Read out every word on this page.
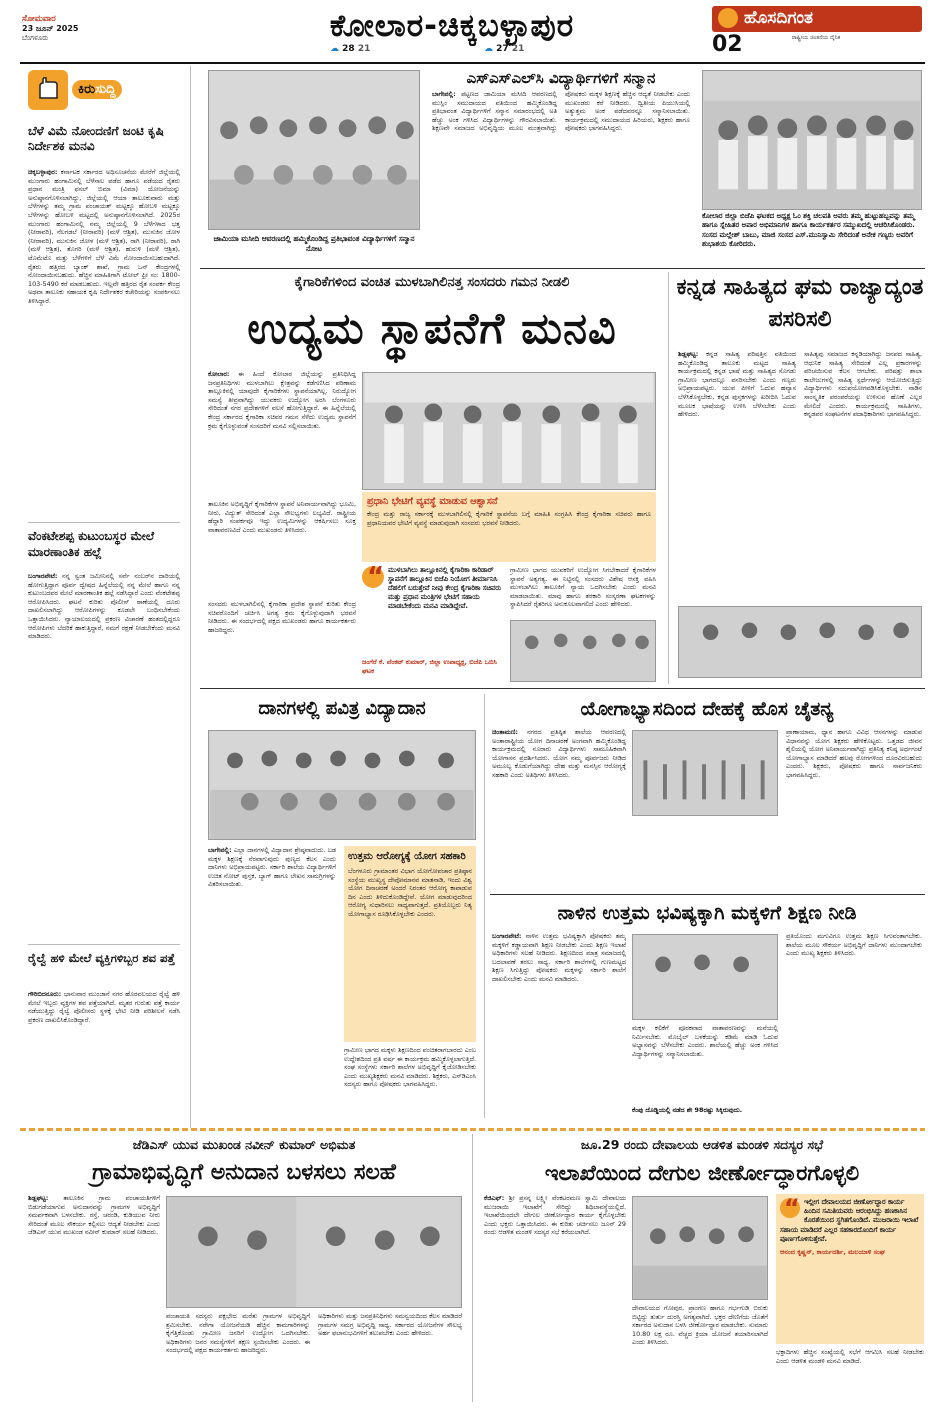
ಸೋಮವಾರ
23 ಜೂನ್ 2025
ಬೆಂಗಳೂರು	ಕೋಲಾರ-ಚಿಕ್ಕಬಳ್ಳಾಪುರ
☁ 28 21	☁ 27 21
ಹೊಸದಿಗಂತ
ರಾಷ್ಟ್ರೀಯ ಚಿಂತನೆಯ ದೈನಿಕ
02
ಕಿರುಸುದ್ದಿ
ಬೆಳೆ ವಿಮೆ ನೋಂದಣಿಗೆ ಜಂಟಿ ಕೃಷಿ ನಿರ್ದೇಶಕ ಮನವಿ
ಚಿಕ್ಕಬಳ್ಳಾಪುರ: ಕರ್ನಾಟಕ ಸರ್ಕಾರದ ಅಧಿಸೂಚನೆಯ ಮೇರೆಗೆ ಜಿಲ್ಲೆಯಲ್ಲಿ ಮುಂಗಾರು ಹಂಗಾಮಿನಲ್ಲಿ ಬೆಳೆಸಾಲ ಪಡೆದ ಹಾಗೂ ಪಡೆಯದ ರೈತರು ಪ್ರಧಾನ ಮಂತ್ರಿ ಫಸಲ್ ಬಿಮಾ (ವಿಮಾ) ಯೋಜನೆಯನ್ನು ಅನುಷ್ಠಾನಗೊಳಿಸಲಾಗಿದ್ದು, ಜಿಲ್ಲೆಯಲ್ಲಿ ಆಯಾ ತಾಲೂಕುವಾರು ಮತ್ತು ಬೆಳೆಗಳನ್ನು ತಮ್ಮ ಗ್ರಾಮ ಪಂಚಾಯತ್ ಮಟ್ಟಕ್ಕೂ ಹೋಬಳಿ ಮಟ್ಟಕ್ಕೂ ಬೆಳೆಗಳನ್ನು ಹೋಬಳಿ ಮಟ್ಟದಲ್ಲಿ ಅನುಷ್ಠಾನಗೊಳಿಸಲಾಗಿದೆ. 2025ರ ಮುಂಗಾರು ಹಂಗಾಮಿನಲ್ಲಿ ನಮ್ಮ ಜಿಲ್ಲೆಯಲ್ಲಿ 9 ಬೆಳೆಗಳಾದ ಭತ್ತ (ನೀರಾವರಿ), ನೆಲಗಡಲೆ (ನೀರಾವರಿ) (ಮಳೆ ಆಶ್ರಿತ), ಮುಸುಕಿನ ಜೋಳ (ನೀರಾವರಿ), ಮುಸುಕಿನ ಜೋಳ (ಮಳೆ ಆಶ್ರಿತ), ರಾಗಿ (ನೀರಾವರಿ), ರಾಗಿ (ಮಳೆ ಆಶ್ರಿತ), ತೊಗರಿ (ಮಳೆ ಆಶ್ರಿತ), ಹುರುಳಿ (ಮಳೆ ಆಶ್ರಿತ), ಟೊಮೆಟೊ ಮತ್ತು ಬೆಳೆಗಳಿಗೆ ಬೆಳೆ ವಿಮೆ ನೋಂದಾಯಿಸಬಹುದಾಗಿದೆ. ರೈತರು ಹತ್ತಿರದ ಬ್ಯಾಂಕ್ ಶಾಖೆ, ಗ್ರಾಮ ಒನ್ ಕೇಂದ್ರಗಳಲ್ಲಿ ನೋಂದಾಯಿಸಬಹುದು. ಹೆಚ್ಚಿನ ಮಾಹಿತಿಗಾಗಿ ಟೋಲ್ ಫ್ರೀ ಸಂ: 1800-103-5490 ಕರೆ ಮಾಡಬಹುದು. ಇಲ್ಲವೇ ಹತ್ತಿರದ ರೈತ ಸಂಪರ್ಕ ಕೇಂದ್ರ ಅಥವಾ ತಾಲೂಕು ಸಹಾಯಕ ಕೃಷಿ ನಿರ್ದೇಶಕರ ಕಚೇರಿಯನ್ನು ಸಂಪರ್ಕಿಸಲು ತಿಳಿಸಿದ್ದಾರೆ.
ವೆಂಕಟೇಶಪ್ಪ ಕುಟುಂಬಸ್ಥರ ಮೇಲೆ ಮಾರಣಾಂತಿಕ ಹಲ್ಲೆ
ಬಂಗಾರಪೇಟೆ: ನನ್ನ ಸ್ವಂತ ಜಮೀನಿನಲ್ಲಿ ಸರ್ವೆ ನಂಬರ್‌ನ ದಾರಿಯಲ್ಲಿ ಹೋಗುತ್ತಿದ್ದಾಗ ಪೂರ್ವ ದ್ವೇಷದ ಹಿನ್ನೆಲೆಯಲ್ಲಿ ನನ್ನ ಮೇಲೆ ಹಾಗೂ ನನ್ನ ಕುಟುಂಬದವರ ಮೇಲೆ ಮಾರಣಾಂತಿಕ ಹಲ್ಲೆ ನಡೆಸಿದ್ದಾರೆ ಎಂದು ವೆಂಕಟೇಶಪ್ಪ ಆರೋಪಿಸಿದರು. ಘಟನೆ ಕುರಿತು ಪೊಲೀಸ್ ಠಾಣೆಯಲ್ಲಿ ದೂರು ದಾಖಲಿಸಲಾಗಿದ್ದು ಆರೋಪಿಗಳನ್ನು ಕೂಡಲೇ ಬಂಧಿಸಬೇಕೆಂದು ಒತ್ತಾಯಿಸಿದರು. ನ್ಯಾಯಾಲಯದಲ್ಲಿ ಪ್ರಕರಣ ವಿಚಾರಣೆ ಹಂತದಲ್ಲಿದ್ದರೂ ಆರೋಪಿಗಳು ಬೆದರಿಕೆ ಹಾಕುತ್ತಿದ್ದಾರೆ, ನಮಗೆ ರಕ್ಷಣೆ ನೀಡಬೇಕೆಂದು ಮನವಿ ಮಾಡಿದರು.
ರೈಲ್ವೆ ಹಳಿ ಮೇಲೆ ವ್ಯಕ್ತಿಗಳಿಬ್ಬರ ಶವ ಪತ್ತೆ
ಗೌರಿಬಿದನೂರು: ಭಾನುವಾರ ಮುಂಜಾನೆ ನಗರ ಹೊರವಲಯದ ರೈಲ್ವೆ ಹಳಿ ಮೇಲೆ ಇಬ್ಬರು ವ್ಯಕ್ತಿಗಳ ಶವ ಪತ್ತೆಯಾಗಿದೆ. ಮೃತರ ಗುರುತು ಪತ್ತೆ ಕಾರ್ಯ ನಡೆಯುತ್ತಿದ್ದು ರೈಲ್ವೆ ಪೊಲೀಸರು ಸ್ಥಳಕ್ಕೆ ಭೇಟಿ ನೀಡಿ ಪರಿಶೀಲನೆ ನಡೆಸಿ ಪ್ರಕರಣ ದಾಖಲಿಸಿಕೊಂಡಿದ್ದಾರೆ.
ಜಾಮಿಯಾ ಮಸೀದಿ ಆವರಣದಲ್ಲಿ ಹಮ್ಮಿಕೊಂಡಿದ್ದ ಪ್ರತಿಭಾವಂತ ವಿದ್ಯಾರ್ಥಿಗಳಿಗೆ ಸನ್ಮಾನ ನೋಟ
ಎಸ್ಎಸ್ಎಲ್‌ಸಿ ವಿದ್ಯಾರ್ಥಿಗಳಿಗೆ ಸನ್ಮಾನ
ಬಾಗೇಪಲ್ಲಿ: ಪಟ್ಟಣದ ಜಾಮಿಯಾ ಮಸೀದಿ ಆವರಣದಲ್ಲಿ ಮುಸ್ಲಿಂ ಸಮುದಾಯದ ವತಿಯಿಂದ ಹಮ್ಮಿಕೊಂಡಿದ್ದ ಪ್ರತಿಭಾವಂತ ವಿದ್ಯಾರ್ಥಿಗಳಿಗೆ ಸನ್ಮಾನ ಸಮಾರಂಭದಲ್ಲಿ ಅತಿ ಹೆಚ್ಚು ಅಂಕ ಗಳಿಸಿದ ವಿದ್ಯಾರ್ಥಿಗಳನ್ನು ಗೌರವಿಸಲಾಯಿತು. ಶಿಕ್ಷಣವೇ ಸಮಾಜದ ಅಭಿವೃದ್ಧಿಯ ಮೂಲ ಮಂತ್ರವಾಗಿದ್ದು ಪೋಷಕರು ಮಕ್ಕಳ ಶಿಕ್ಷಣಕ್ಕೆ ಹೆಚ್ಚಿನ ಆದ್ಯತೆ ನೀಡಬೇಕು ಎಂದು ಮುಖಂಡರು ಕರೆ ನೀಡಿದರು. ದ್ವಿತೀಯ ಪಿಯುಸಿಯಲ್ಲಿ ಅತ್ಯುತ್ತಮ ಅಂಕ ಪಡೆದವರನ್ನೂ ಸನ್ಮಾನಿಸಲಾಯಿತು. ಕಾರ್ಯಕ್ರಮದಲ್ಲಿ ಸಮುದಾಯದ ಹಿರಿಯರು, ಶಿಕ್ಷಕರು ಹಾಗೂ ಪೋಷಕರು ಭಾಗವಹಿಸಿದ್ದರು.
ಕೋಲಾರ ಜಿಲ್ಲಾ ಬಿಜೆಪಿ ಘಟಕದ ಅಧ್ಯಕ್ಷ ಓಂ ಶಕ್ತಿ ಚಲಪತಿ ಅವರು ತಮ್ಮ ಹುಟ್ಟುಹಬ್ಬವನ್ನು ತಮ್ಮ ಹಾಗೂ ಸ್ನೇಹಿತರ ಅಪಾರ ಅಭಿಮಾನಿಗಳ ಹಾಗೂ ಕಾರ್ಯಕರ್ತರ ಸಮ್ಮುಖದಲ್ಲಿ ಆಚರಿಸಿಕೊಂಡರು. ಸಂಸದ ಮಲ್ಲೇಶ್ ಬಾಬು, ಮಾಜಿ ಸಂಸದ ಎಸ್.ಮುನಿಸ್ವಾಮಿ ಸೇರಿದಂತೆ ಅನೇಕ ಗಣ್ಯರು ಅವರಿಗೆ ಶುಭಾಶಯ ಕೋರಿದರು.
ಕೈಗಾರಿಕೆಗಳಿಂದ ವಂಚಿತ ಮುಳಬಾಗಿಲಿನತ್ತ ಸಂಸದರು ಗಮನ ನೀಡಲಿ
ಉದ್ಯಮ ಸ್ಥಾಪನೆಗೆ ಮನವಿ
ಕೋಲಾರ: ಈ ಹಿಂದೆ ಕೋಲಾರ ಜಿಲ್ಲೆಯನ್ನು ಪ್ರತಿನಿಧಿಸಿದ್ದ ಜನಪ್ರತಿನಿಧಿಗಳು ಮುಳಬಾಗಿಲು ಕ್ಷೇತ್ರವನ್ನು ಕಡೆಗಣಿಸಿದ ಪರಿಣಾಮ ತಾಲ್ಲೂಕಿನಲ್ಲಿ ಯಾವುದೇ ಕೈಗಾರಿಕೆಗಳು ಸ್ಥಾಪನೆಯಾಗಿಲ್ಲ. ನಿರುದ್ಯೋಗ ಸಮಸ್ಯೆ ತೀವ್ರವಾಗಿದ್ದು ಯುವಕರು ಉದ್ಯೋಗ ಅರಸಿ ಬೆಂಗಳೂರು ಸೇರಿದಂತೆ ನಗರ ಪ್ರದೇಶಗಳಿಗೆ ವಲಸೆ ಹೋಗುತ್ತಿದ್ದಾರೆ. ಈ ಹಿನ್ನೆಲೆಯಲ್ಲಿ ಕೇಂದ್ರ ಸರ್ಕಾರದ ಕೈಗಾರಿಕಾ ಸಚಿವರ ಗಮನ ಸೆಳೆದು ಉದ್ಯಮ ಸ್ಥಾಪನೆಗೆ ಕ್ರಮ ಕೈಗೊಳ್ಳುವಂತೆ ಸಂಸದರಿಗೆ ಮನವಿ ಸಲ್ಲಿಸಲಾಯಿತು.
ಪ್ರಧಾನಿ ಭೇಟಿಗೆ ವ್ಯವಸ್ಥೆ ಮಾಡುವ ಆಶ್ವಾಸನೆ
ಕೇಂದ್ರ ಮತ್ತು ರಾಜ್ಯ ಸರ್ಕಾರಕ್ಕೆ ಮುಳಬಾಗಿಲಿನಲ್ಲಿ ಕೈಗಾರಿಕೆ ಸ್ಥಾಪನೆಯ ಬಗ್ಗೆ ಮಾಹಿತಿ ಸಂಗ್ರಹಿಸಿ ಕೇಂದ್ರ ಕೈಗಾರಿಕಾ ಸಚಿವರು ಹಾಗೂ ಪ್ರಧಾನಿಯವರ ಭೇಟಿಗೆ ವ್ಯವಸ್ಥೆ ಮಾಡುವುದಾಗಿ ಸಂಸದರು ಭರವಸೆ ನೀಡಿದರು.
“ ಮುಳಬಾಗಿಲು ತಾಲ್ಲೂಕಿನಲ್ಲಿ ಕೈಗಾರಿಕಾ ಕಾರಿಡಾರ್ ಸ್ಥಾಪನೆಗೆ ತಾಲ್ಲೂಕಿನ ಬಿಜೆಪಿ ನಿಯೋಗ ತೀರ್ಮಾನಿಸಿ ದೆಹಲಿಗೆ ಬರುತ್ತೇವೆ ನೀವು ಕೇಂದ್ರ ಕೈಗಾರಿಕಾ ಸಚಿವರು ಮತ್ತು ಪ್ರಧಾನ ಮಂತ್ರಿಗಳ ಭೇಟಿಗೆ ಸಹಾಯ ಮಾಡಬೇಕೆಂದು ಮನವಿ ಮಾಡಿದ್ದೇವೆ.
ಜಂಗೆರೆ ಕೆ. ವೆಂಕಟ್ ಕುಮಾರ್, ಜಿಲ್ಲಾ ಉಪಾಧ್ಯಕ್ಷ, ಬಿಜೆಪಿ ಒಬಿಸಿ ಘಟಕ
ಗ್ರಾಮೀಣ ಭಾಗದ ಯುವಕರಿಗೆ ಉದ್ಯೋಗ ಸಿಗಬೇಕಾದರೆ ಕೈಗಾರಿಕೆಗಳ ಸ್ಥಾಪನೆ ಅತ್ಯಗತ್ಯ. ಈ ನಿಟ್ಟಿನಲ್ಲಿ ಸಂಸದರು ವಿಶೇಷ ಆಸಕ್ತಿ ವಹಿಸಿ ಮುಳಬಾಗಿಲು ತಾಲೂಕಿಗೆ ನ್ಯಾಯ ಒದಗಿಸಬೇಕು ಎಂದು ಮನವಿ ಮಾಡಲಾಯಿತು. ಮಾವು ಹಾಗೂ ತರಕಾರಿ ಸಂಸ್ಕರಣಾ ಘಟಕಗಳನ್ನು ಸ್ಥಾಪಿಸಿದರೆ ರೈತರಿಗೂ ಅನುಕೂಲವಾಗಲಿದೆ ಎಂದು ಹೇಳಿದರು.
ಸಂಸದರು ಮುಳಬಾಗಿಲಿನಲ್ಲಿ ಕೈಗಾರಿಕಾ ಪ್ರದೇಶ ಸ್ಥಾಪನೆ ಕುರಿತು ಕೇಂದ್ರ ಸಚಿವರೊಂದಿಗೆ ಚರ್ಚಿಸಿ ಅಗತ್ಯ ಕ್ರಮ ಕೈಗೊಳ್ಳುವುದಾಗಿ ಭರವಸೆ ನೀಡಿದರು. ಈ ಸಂದರ್ಭದಲ್ಲಿ ಪಕ್ಷದ ಮುಖಂಡರು ಹಾಗೂ ಕಾರ್ಯಕರ್ತರು ಹಾಜರಿದ್ದರು.
ತಾಲೂಕಿನ ಅಭಿವೃದ್ಧಿಗೆ ಕೈಗಾರಿಕೆಗಳ ಸ್ಥಾಪನೆ ಅನಿವಾರ್ಯವಾಗಿದ್ದು ಭೂಮಿ, ನೀರು, ವಿದ್ಯುತ್ ಸೇರಿದಂತೆ ಎಲ್ಲಾ ಸೌಲಭ್ಯಗಳು ಲಭ್ಯವಿದೆ. ರಾಷ್ಟ್ರೀಯ ಹೆದ್ದಾರಿ ಸಂಪರ್ಕವೂ ಇದ್ದು ಉದ್ಯಮಿಗಳನ್ನು ಆಕರ್ಷಿಸಲು ಸೂಕ್ತ ವಾತಾವರಣವಿದೆ ಎಂದು ಮುಖಂಡರು ತಿಳಿಸಿದರು.
ಕನ್ನಡ ಸಾಹಿತ್ಯದ ಘಮ ರಾಜ್ಯಾದ್ಯಂತ ಪಸರಿಸಲಿ
ಶಿಡ್ಲಘಟ್ಟ: ಕನ್ನಡ ಸಾಹಿತ್ಯ ಪರಿಷತ್ತಿನ ವತಿಯಿಂದ ಹಮ್ಮಿಕೊಂಡಿದ್ದ ತಾಲೂಕು ಮಟ್ಟದ ಸಾಹಿತ್ಯ ಕಾರ್ಯಕ್ರಮದಲ್ಲಿ ಕನ್ನಡ ಭಾಷೆ ಮತ್ತು ಸಾಹಿತ್ಯದ ಸೊಗಡು ಗ್ರಾಮೀಣ ಭಾಗದಲ್ಲೂ ಪಸರಿಸಬೇಕು ಎಂದು ಗಣ್ಯರು ಅಭಿಪ್ರಾಯಪಟ್ಟರು. ಯುವ ಪೀಳಿಗೆ ಓದುವ ಹವ್ಯಾಸ ಬೆಳೆಸಿಕೊಳ್ಳಬೇಕು, ಕನ್ನಡ ಪುಸ್ತಕಗಳನ್ನು ಖರೀದಿಸಿ ಓದುವ ಮೂಲಕ ಭಾಷೆಯನ್ನು ಉಳಿಸಿ ಬೆಳೆಸಬೇಕು ಎಂದು ಹೇಳಿದರು.
ಸಾಹಿತ್ಯವು ಸಮಾಜದ ಕನ್ನಡಿಯಾಗಿದ್ದು ಜನಪದ ಸಾಹಿತ್ಯ, ಆಧುನಿಕ ಸಾಹಿತ್ಯ ಸೇರಿದಂತೆ ಎಲ್ಲ ಪ್ರಕಾರಗಳನ್ನು ಪರಿಚಯಿಸುವ ಕೆಲಸ ಆಗಬೇಕು. ಪರಿಷತ್ತು ಶಾಲಾ ಕಾಲೇಜುಗಳಲ್ಲಿ ಸಾಹಿತ್ಯ ಸ್ಪರ್ಧೆಗಳನ್ನು ಆಯೋಜಿಸುತ್ತಿದ್ದು ವಿದ್ಯಾರ್ಥಿಗಳು ಸದುಪಯೋಗಪಡಿಸಿಕೊಳ್ಳಬೇಕು. ನಾಡಿನ ಸಾಂಸ್ಕೃತಿಕ ಪರಂಪರೆಯನ್ನು ಉಳಿಸುವ ಹೊಣೆ ಎಲ್ಲರ ಮೇಲಿದೆ ಎಂದರು. ಕಾರ್ಯಕ್ರಮದಲ್ಲಿ ಸಾಹಿತಿಗಳು, ಕನ್ನಡಪರ ಸಂಘಟನೆಗಳ ಪದಾಧಿಕಾರಿಗಳು ಭಾಗವಹಿಸಿದ್ದರು.
ದಾನಗಳಲ್ಲಿ ಪವಿತ್ರ ವಿದ್ಯಾದಾನ
ಬಾಗೇಪಲ್ಲಿ: ಎಲ್ಲಾ ದಾನಗಳಲ್ಲಿ ವಿದ್ಯಾದಾನ ಶ್ರೇಷ್ಠವಾದುದು. ಬಡ ಮಕ್ಕಳ ಶಿಕ್ಷಣಕ್ಕೆ ನೆರವಾಗುವುದು ಪುಣ್ಯದ ಕೆಲಸ ಎಂದು ದಾನಿಗಳು ಅಭಿಪ್ರಾಯಪಟ್ಟರು. ಸರ್ಕಾರಿ ಶಾಲೆಯ ವಿದ್ಯಾರ್ಥಿಗಳಿಗೆ ಉಚಿತ ನೋಟ್ ಪುಸ್ತಕ, ಬ್ಯಾಗ್ ಹಾಗೂ ಲೇಖನ ಸಾಮಗ್ರಿಗಳನ್ನು ವಿತರಿಸಲಾಯಿತು.
ಉತ್ತಮ ಆರೋಗ್ಯಕ್ಕೆ ಯೋಗ ಸಹಕಾರಿ
ಬೆಂಗಳೂರು ಗ್ರಾಮಾಂತರ ವಿಭಾಗ ಯೋಗೋಪಚಾರ ಪ್ರತಿಷ್ಠಾನ ಸಂಸ್ಥೆಯ ಮುಖ್ಯಸ್ಥ ದೇವೋಮಾನವ ಮಾತನಾಡಿ, ಇಂದು ವಿಶ್ವ ಯೋಗ ದಿನಾಚರಣೆ ಅಂದರೆ ನಿರಂತರ ಆರೋಗ್ಯ ಕಾಪಾಡುವ ದಿನ ಎಂದು ತಿಳಿದುಕೊಂಡಿದ್ದೇವೆ. ಯೋಗ ಮಾಡುವುದರಿಂದ ಆರೋಗ್ಯ ಸುಧಾರಿಸಲು ಸಾಧ್ಯವಾಗುತ್ತದೆ. ಪ್ರತಿಯೊಬ್ಬರು ನಿತ್ಯ ಯೋಗಾಭ್ಯಾಸ ರೂಢಿಸಿಕೊಳ್ಳಬೇಕು ಎಂದರು.
ಗ್ರಾಮೀಣ ಭಾಗದ ಮಕ್ಕಳು ಶಿಕ್ಷಣದಿಂದ ವಂಚಿತರಾಗಬಾರದು ಎಂಬ ಉದ್ದೇಶದಿಂದ ಪ್ರತಿ ವರ್ಷ ಈ ಕಾರ್ಯಕ್ರಮ ಹಮ್ಮಿಕೊಳ್ಳಲಾಗುತ್ತಿದೆ. ಸಂಘ ಸಂಸ್ಥೆಗಳು ಸರ್ಕಾರಿ ಶಾಲೆಗಳ ಅಭಿವೃದ್ಧಿಗೆ ಕೈಜೋಡಿಸಬೇಕು ಎಂದು ಮುಖ್ಯಶಿಕ್ಷಕರು ಮನವಿ ಮಾಡಿದರು. ಶಿಕ್ಷಕರು, ಎಸ್‌ಡಿಎಂಸಿ ಸದಸ್ಯರು ಹಾಗೂ ಪೋಷಕರು ಭಾಗವಹಿಸಿದ್ದರು.
ಯೋಗಾಭ್ಯಾಸದಿಂದ ದೇಹಕ್ಕೆ ಹೊಸ ಚೈತನ್ಯ
ಚಿಂತಾಮಣಿ: ನಗರದ ಪ್ರತಿಷ್ಠಿತ ಶಾಲೆಯ ಆವರಣದಲ್ಲಿ ಅಂತಾರಾಷ್ಟ್ರೀಯ ಯೋಗ ದಿನಾಚರಣೆ ಅಂಗವಾಗಿ ಹಮ್ಮಿಕೊಂಡಿದ್ದ ಕಾರ್ಯಕ್ರಮದಲ್ಲಿ ನೂರಾರು ವಿದ್ಯಾರ್ಥಿಗಳು ಸಾಮೂಹಿಕವಾಗಿ ಯೋಗಾಸನ ಪ್ರದರ್ಶಿಸಿದರು. ಯೋಗ ನಮ್ಮ ಪೂರ್ವಜರು ನೀಡಿದ ಅಮೂಲ್ಯ ಕೊಡುಗೆಯಾಗಿದ್ದು ದೇಹ ಮತ್ತು ಮನಸ್ಸಿನ ಆರೋಗ್ಯಕ್ಕೆ ಸಹಕಾರಿ ಎಂದು ಅತಿಥಿಗಳು ತಿಳಿಸಿದರು.
ಪ್ರಾಣಾಯಾಮ, ಧ್ಯಾನ ಹಾಗೂ ವಿವಿಧ ಆಸನಗಳನ್ನು ಮಾಡುವ ವಿಧಾನವನ್ನು ಯೋಗ ಶಿಕ್ಷಕರು ಹೇಳಿಕೊಟ್ಟರು. ಒತ್ತಡದ ಜೀವನ ಶೈಲಿಯಲ್ಲಿ ಯೋಗ ಅನಿವಾರ್ಯವಾಗಿದ್ದು ಪ್ರತಿನಿತ್ಯ ಕನಿಷ್ಠ ಅರ್ಧಗಂಟೆ ಯೋಗಾಭ್ಯಾಸ ಮಾಡಿದರೆ ಹಲವು ರೋಗಗಳಿಂದ ದೂರವಿರಬಹುದು ಎಂದರು. ಶಿಕ್ಷಕರು, ಪೋಷಕರು ಹಾಗೂ ಸಾರ್ವಜನಿಕರು ಭಾಗವಹಿಸಿದ್ದರು.
ನಾಳಿನ ಉತ್ತಮ ಭವಿಷ್ಯಕ್ಕಾಗಿ ಮಕ್ಕಳಿಗೆ ಶಿಕ್ಷಣ ನೀಡಿ
ಬಂಗಾರಪೇಟೆ: ನಾಳಿನ ಉತ್ತಮ ಭವಿಷ್ಯಕ್ಕಾಗಿ ಪೋಷಕರು ತಮ್ಮ ಮಕ್ಕಳಿಗೆ ಕಡ್ಡಾಯವಾಗಿ ಶಿಕ್ಷಣ ನೀಡಬೇಕು ಎಂದು ಶಿಕ್ಷಣ ಇಲಾಖೆ ಅಧಿಕಾರಿಗಳು ಸಲಹೆ ನೀಡಿದರು. ಶಿಕ್ಷಣದಿಂದ ಮಾತ್ರ ಸಮಾಜದಲ್ಲಿ ಬದಲಾವಣೆ ತರಲು ಸಾಧ್ಯ. ಸರ್ಕಾರಿ ಶಾಲೆಗಳಲ್ಲಿ ಗುಣಮಟ್ಟದ ಶಿಕ್ಷಣ ಸಿಗುತ್ತಿದ್ದು ಪೋಷಕರು ಮಕ್ಕಳನ್ನು ಸರ್ಕಾರಿ ಶಾಲೆಗೆ ದಾಖಲಿಸಬೇಕು ಎಂದು ಮನವಿ ಮಾಡಿದರು.
ಮಕ್ಕಳ ಕಲಿಕೆಗೆ ಪೂರಕವಾದ ವಾತಾವರಣವನ್ನು ಮನೆಯಲ್ಲಿ ನಿರ್ಮಿಸಬೇಕು. ಮೊಬೈಲ್ ಬಳಕೆಯನ್ನು ಕಡಿಮೆ ಮಾಡಿ ಓದುವ ಅಭ್ಯಾಸವನ್ನು ಬೆಳೆಸಬೇಕು ಎಂದರು. ಶಾಲೆಯಲ್ಲಿ ಹೆಚ್ಚು ಅಂಕ ಗಳಿಸಿದ ವಿದ್ಯಾರ್ಥಿಗಳನ್ನು ಸನ್ಮಾನಿಸಲಾಯಿತು.
ಕೆಂಪು ದೊಡ್ಡಿಯಲ್ಲಿ ನಡೆದ ಶೇ 98ರಷ್ಟು ಸಿಕ್ಕಿರುವುದು.
ಪ್ರತಿಯೊಂದು ಮಗುವಿಗೂ ಉತ್ತಮ ಶಿಕ್ಷಣ ಸಿಗುವಂತಾಗಬೇಕು. ಶಾಲೆಯ ಮೂಲ ಸೌಕರ್ಯ ಅಭಿವೃದ್ಧಿಗೆ ದಾನಿಗಳು ಮುಂದಾಗಬೇಕು ಎಂದು ಮುಖ್ಯ ಶಿಕ್ಷಕರು ತಿಳಿಸಿದರು.
ಜೆಡಿಎಸ್ ಯುವ ಮುಖಂಡ ನವೀನ್ ಕುಮಾರ್ ಅಭಿಮತ
ಗ್ರಾಮಾಭಿವೃದ್ಧಿಗೆ ಅನುದಾನ ಬಳಸಲು ಸಲಹೆ
ಶಿಡ್ಲಘಟ್ಟ: ತಾಲೂಕಿನ ಗ್ರಾಮ ಪಂಚಾಯತಿಗಳಿಗೆ ಬಿಡುಗಡೆಯಾಗುವ ಅನುದಾನವನ್ನು ಗ್ರಾಮಗಳ ಅಭಿವೃದ್ಧಿಗೆ ಸಮರ್ಪಕವಾಗಿ ಬಳಸಬೇಕು. ರಸ್ತೆ, ಚರಂಡಿ, ಕುಡಿಯುವ ನೀರು ಸೇರಿದಂತೆ ಮೂಲ ಸೌಕರ್ಯ ಕಲ್ಪಿಸಲು ಆದ್ಯತೆ ನೀಡಬೇಕು ಎಂದು ಜೆಡಿಎಸ್ ಯುವ ಮುಖಂಡ ನವೀನ್ ಕುಮಾರ್ ಸಲಹೆ ನೀಡಿದರು.
ಪಂಚಾಯತಿ ಸದಸ್ಯರು ಪಕ್ಷಭೇದ ಮರೆತು ಗ್ರಾಮಗಳ ಅಭಿವೃದ್ಧಿಗೆ ಶ್ರಮಿಸಬೇಕು. ನರೇಗಾ ಯೋಜನೆಯಡಿ ಹೆಚ್ಚಿನ ಕಾಮಗಾರಿಗಳನ್ನು ಕೈಗೆತ್ತಿಕೊಂಡು ಗ್ರಾಮೀಣ ಜನರಿಗೆ ಉದ್ಯೋಗ ಒದಗಿಸಬೇಕು. ಅಧಿಕಾರಿಗಳು ಜನರ ಸಮಸ್ಯೆಗಳಿಗೆ ತಕ್ಷಣ ಸ್ಪಂದಿಸಬೇಕು ಎಂದರು. ಈ ಸಂದರ್ಭದಲ್ಲಿ ಪಕ್ಷದ ಕಾರ್ಯಕರ್ತರು ಹಾಜರಿದ್ದರು.
ಅಧಿಕಾರಿಗಳು ಮತ್ತು ಜನಪ್ರತಿನಿಧಿಗಳು ಸಮನ್ವಯದಿಂದ ಕೆಲಸ ಮಾಡಿದರೆ ಗ್ರಾಮಗಳ ಸಮಗ್ರ ಅಭಿವೃದ್ಧಿ ಸಾಧ್ಯ. ಸರ್ಕಾರದ ಯೋಜನೆಗಳ ಸೌಲಭ್ಯ ಅರ್ಹ ಫಲಾನುಭವಿಗಳಿಗೆ ತಲುಪಬೇಕು ಎಂದು ಹೇಳಿದರು.
ಜೂ.29 ರಂದು ದೇವಾಲಯ ಆಡಳಿತ ಮಂಡಳಿ ಸದಸ್ಯರ ಸಭೆ
ಇಲಾಖೆಯಿಂದ ದೇಗುಲ ಜೀರ್ಣೋದ್ಧಾರಗೊಳ್ಳಲಿ
ಕೆಜಿಎಫ್: ಶ್ರೀ ಪ್ರಸನ್ನ ಲಕ್ಷ್ಮೀ ವೆಂಕಟರಮಣ ಸ್ವಾಮಿ ದೇವಾಲಯ ಮುಜರಾಯಿ ಇಲಾಖೆಗೆ ಸೇರಿದ್ದು ಶಿಥಿಲಾವಸ್ಥೆಯಲ್ಲಿದೆ. ಇಲಾಖೆಯಿಂದಲೇ ದೇಗುಲ ಜೀರ್ಣೋದ್ಧಾರ ಕಾರ್ಯ ಕೈಗೊಳ್ಳಬೇಕು ಎಂದು ಭಕ್ತರು ಒತ್ತಾಯಿಸಿದರು. ಈ ಕುರಿತು ಚರ್ಚಿಸಲು ಜೂನ್ 29 ರಂದು ಆಡಳಿತ ಮಂಡಳಿ ಸದಸ್ಯರ ಸಭೆ ಕರೆಯಲಾಗಿದೆ.
ದೇವಾಲಯದ ಗೋಪುರ, ಪ್ರಾಂಗಣ ಹಾಗೂ ಗರ್ಭಗುಡಿ ಬಿರುಕು ಬಿಟ್ಟಿದ್ದು ತುರ್ತು ದುರಸ್ತಿ ಅಗತ್ಯವಾಗಿದೆ. ಭಕ್ತರ ದೇಣಿಗೆಯ ಜೊತೆಗೆ ಸರ್ಕಾರದ ಅನುದಾನ ಬಳಸಿ ಜೀರ್ಣೋದ್ಧಾರ ಮಾಡಬೇಕು. ಸುಮಾರು 10.80 ಲಕ್ಷ ರೂ. ವೆಚ್ಚದ ಕ್ರಿಯಾ ಯೋಜನೆ ತಯಾರಿಸಲಾಗಿದೆ ಎಂದು ತಿಳಿಸಿದರು.
“ ಇಲ್ಲೀಗ ದೇವಾಲಯದ ಜೀರ್ಣೋದ್ಧಾರ ಕಾರ್ಯ ಹಿಂದಿನ ಸಮಿತಿಯವರು ಆರಂಭಿಸಿದ್ದು ಹಣಕಾಸಿನ ಕೊರತೆಯಿಂದ ಸ್ಥಗಿತಗೊಂಡಿದೆ. ಮುಜರಾಯಿ ಇಲಾಖೆ ಸಹಾಯ ಮಾಡಿದರೆ ಎಲ್ಲರ ಸಹಕಾರದೊಂದಿಗೆ ಕಾರ್ಯ ಪೂರ್ಣಗೊಳಿಸುತ್ತೇವೆ.
ಆನಂದ ಕೃಷ್ಣನ್, ಕಾರ್ಯದರ್ಶಿ, ಮಲಯಾಳಿ ಸಂಘ
ಭಕ್ತಾದಿಗಳು ಹೆಚ್ಚಿನ ಸಂಖ್ಯೆಯಲ್ಲಿ ಸಭೆಗೆ ಆಗಮಿಸಿ ಸಲಹೆ ನೀಡಬೇಕು ಎಂದು ಆಡಳಿತ ಮಂಡಳಿ ಮನವಿ ಮಾಡಿದೆ.
